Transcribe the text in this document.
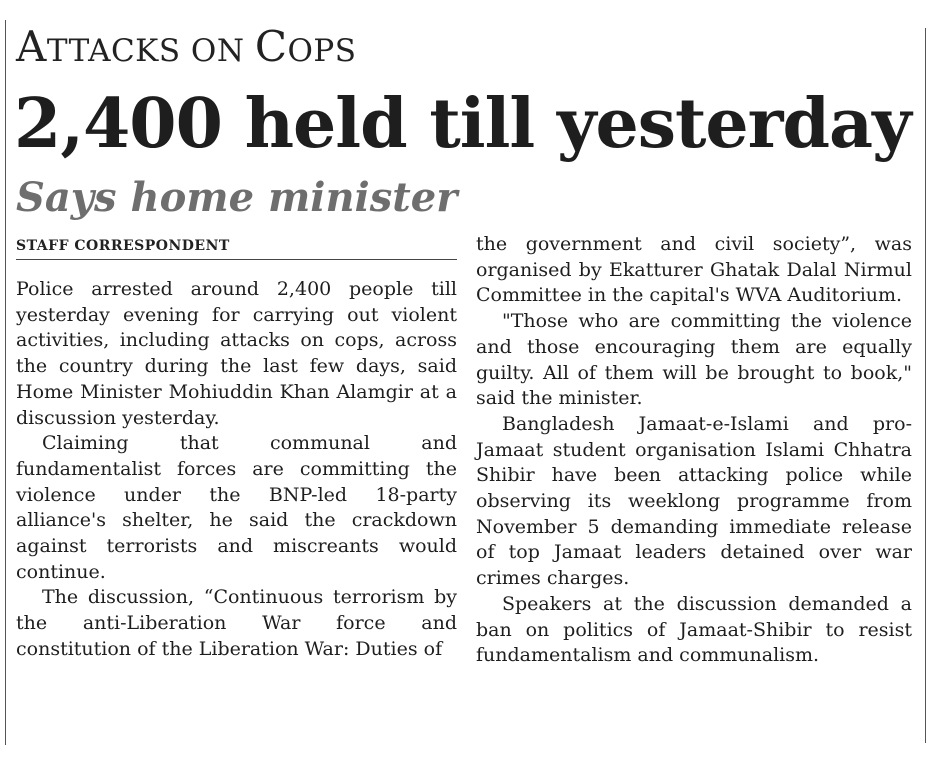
ATTACKS ON COPS
2,400 held till yesterday
Says home minister
STAFF CORRESPONDENT

Police arrested around 2,400 people till yesterday evening for carrying out violent activities, including attacks on cops, across the country during the last few days, said Home Minister Mohiuddin Khan Alamgir at a discussion yesterday.

Claiming that communal and fundamentalist forces are committing the violence under the BNP-led 18-party alliance's shelter, he said the crackdown against terrorists and miscreants would continue.

The discussion, “Continuous terrorism by the anti-Liberation War force and constitution of the Liberation War: Duties of

the government and civil society”, was organised by Ekatturer Ghatak Dalal Nirmul Committee in the capital's WVA Auditorium.

"Those who are committing the violence and those encouraging them are equally guilty. All of them will be brought to book," said the minister.

Bangladesh Jamaat-e-Islami and pro-Jamaat student organisation Islami Chhatra Shibir have been attacking police while observing its weeklong programme from November 5 demanding immediate release of top Jamaat leaders detained over war crimes charges.

Speakers at the discussion demanded a ban on politics of Jamaat-Shibir to resist fundamentalism and communalism.
